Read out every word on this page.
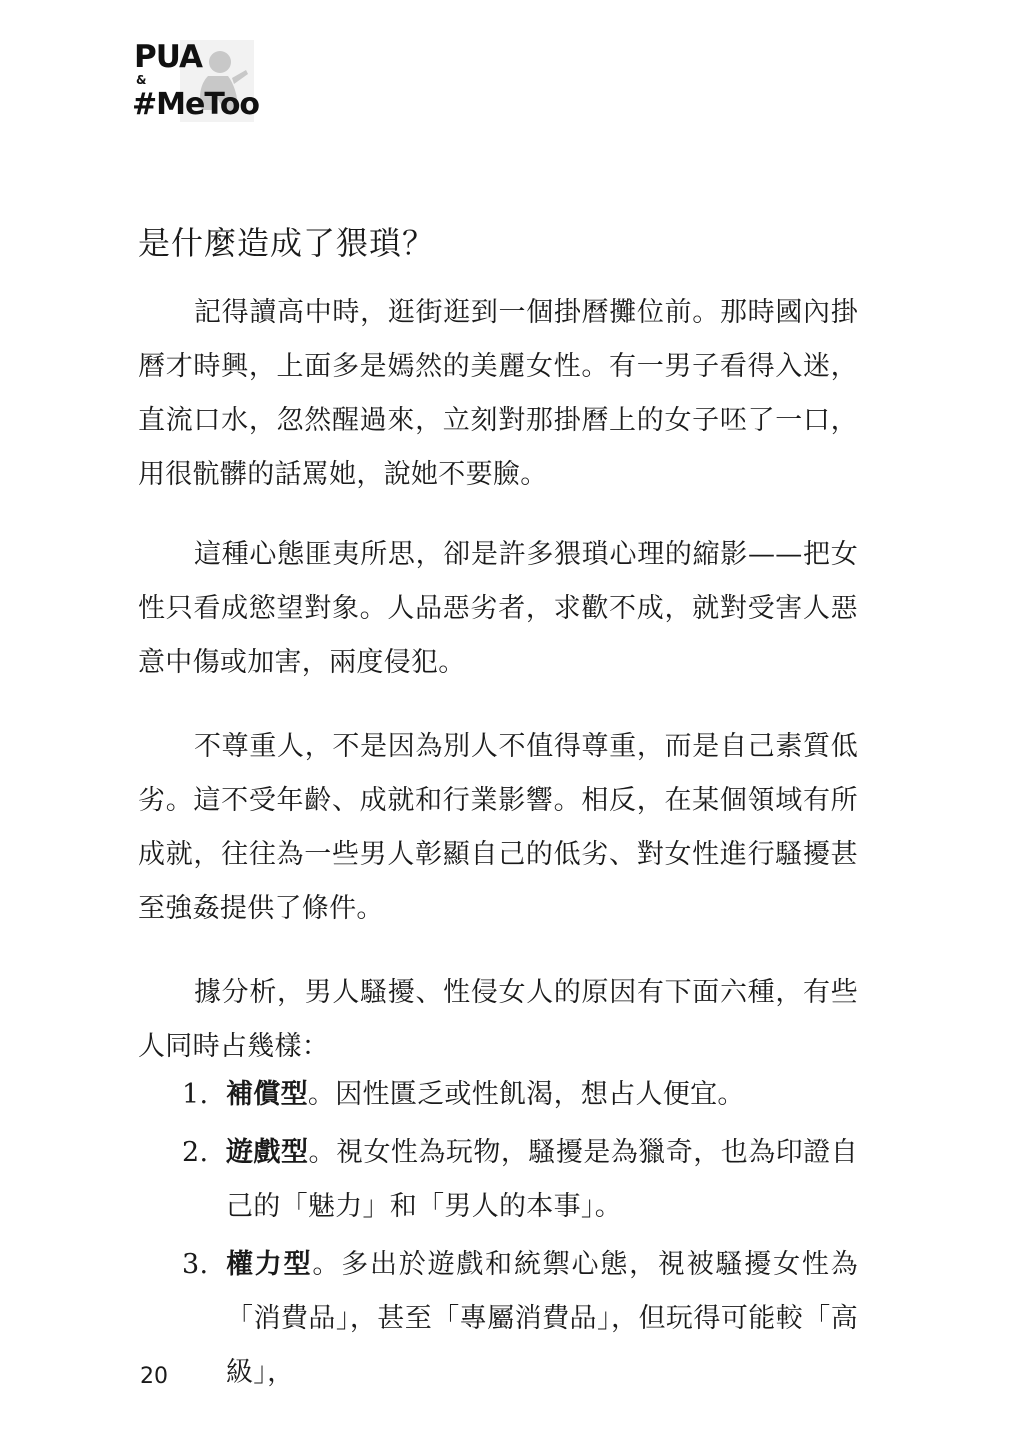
PUA
&
#MeToo
是什麼造成了猥瑣？

記得讀高中時，逛街逛到一個掛曆攤位前。那時國內掛曆才時興，上面多是嫣然的美麗女性。有一男子看得入迷，直流口水，忽然醒過來，立刻對那掛曆上的女子呸了一口，用很骯髒的話罵她，說她不要臉。

這種心態匪夷所思，卻是許多猥瑣心理的縮影——把女性只看成慾望對象。人品惡劣者，求歡不成，就對受害人惡意中傷或加害，兩度侵犯。

不尊重人，不是因為別人不值得尊重，而是自己素質低劣。這不受年齡、成就和行業影響。相反，在某個領域有所成就，往往為一些男人彰顯自己的低劣、對女性進行騷擾甚至強姦提供了條件。

據分析，男人騷擾、性侵女人的原因有下面六種，有些人同時占幾樣：

1. 補償型。因性匱乏或性飢渴，想占人便宜。
2. 遊戲型。視女性為玩物，騷擾是為獵奇，也為印證自己的「魅力」和「男人的本事」。
3. 權力型。多出於遊戲和統禦心態，視被騷擾女性為「消費品」，甚至「專屬消費品」，但玩得可能較「高級」，
20
